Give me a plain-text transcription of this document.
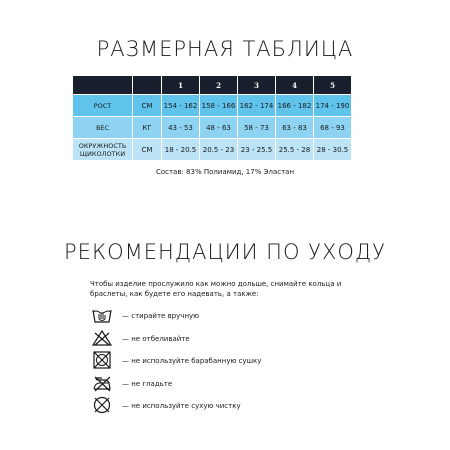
РАЗМЕРНАЯ ТАБЛИЦА
		1	2	3	4	5
РОСТ	СМ	154 - 162	158 - 166	162 - 174	166 - 182	174 - 190
ВЕС	КГ	43 - 53	48 - 63	58 - 73	63 - 83	68 - 93
ОКРУЖНОСТЬ ЩИКОЛОТКИ	СМ	18 - 20.5	20.5 - 23	23 - 25.5	25.5 - 28	28 - 30.5
Состав: 83% Полиамид, 17% Эластан
РЕКОМЕНДАЦИИ ПО УХОДУ
Чтобы изделие прослужило как можно дольше, снимайте кольца и браслеты, как будете его надевать, а также:
— стирайте вручную
— не отбеливайте
— не используйте барабанную сушку
— не гладьте
— не используйте сухую чистку
